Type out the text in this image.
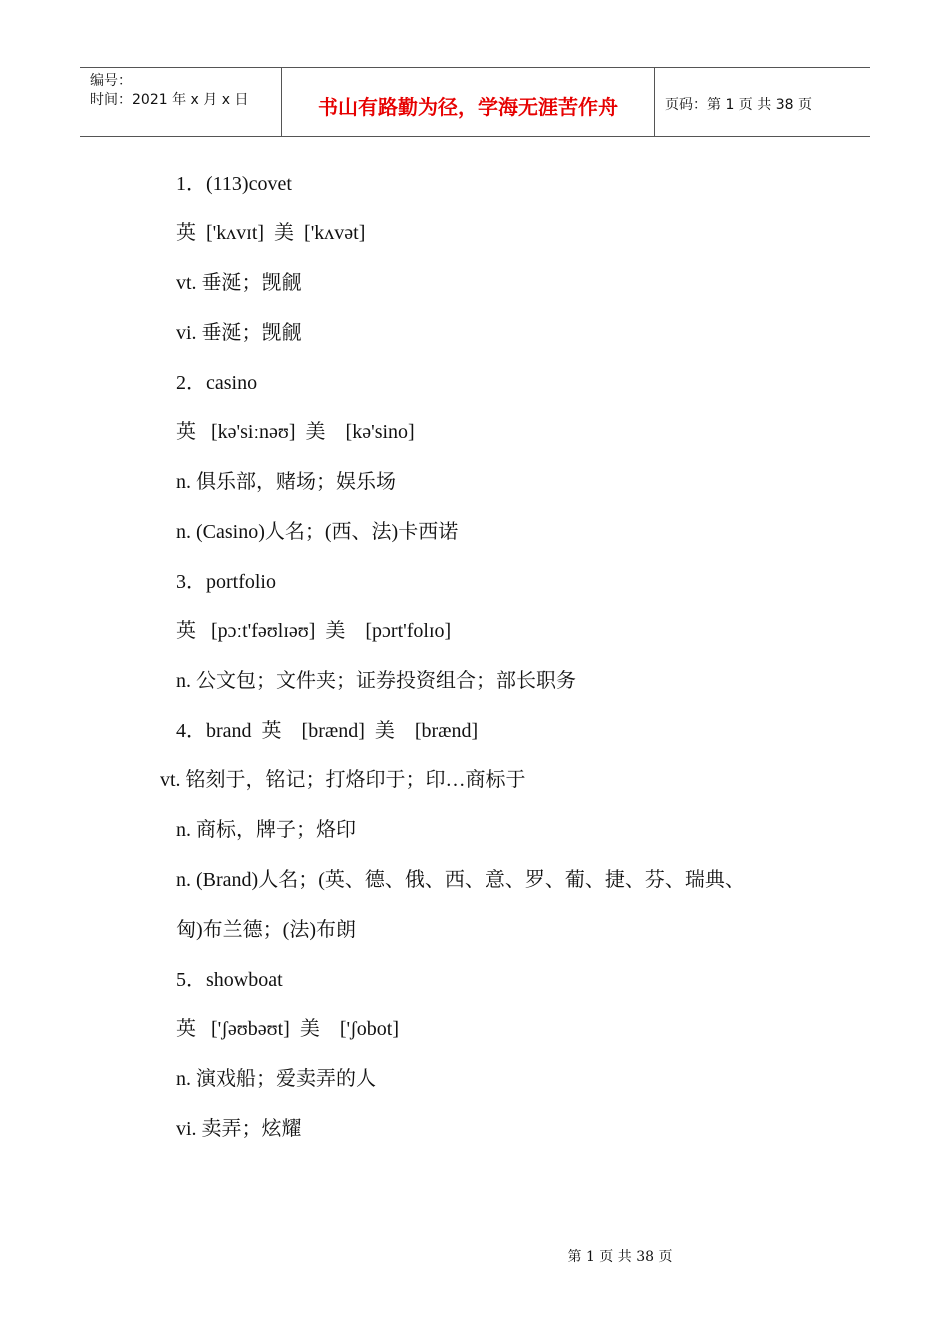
编号：
时间：2021 年 x 月 x 日	书山有路勤为径，学海无涯苦作舟	页码：第 1 页 共 38 页
1．(113)covet
英  ['kʌvɪt]  美  ['kʌvət]
vt. 垂涎；觊觎
vi. 垂涎；觊觎
2．casino
英   [kə'siːnəʊ]  美    [kə'sino]
n. 俱乐部，赌场；娱乐场
n. (Casino)人名；(西、法)卡西诺
3．portfolio
英   [pɔːt'fəʊlɪəʊ]  美    [pɔrt'folɪo]
n. 公文包；文件夹；证券投资组合；部长职务
4．brand  英    [brænd]  美    [brænd]
vt. 铭刻于，铭记；打烙印于；印…商标于
n. 商标，牌子；烙印
n. (Brand)人名；(英、德、俄、西、意、罗、葡、捷、芬、瑞典、
匈)布兰德；(法)布朗
5．showboat
英   ['ʃəʊbəʊt]  美    ['ʃobot]
n. 演戏船；爱卖弄的人
vi. 卖弄；炫耀
第 1 页 共 38 页
